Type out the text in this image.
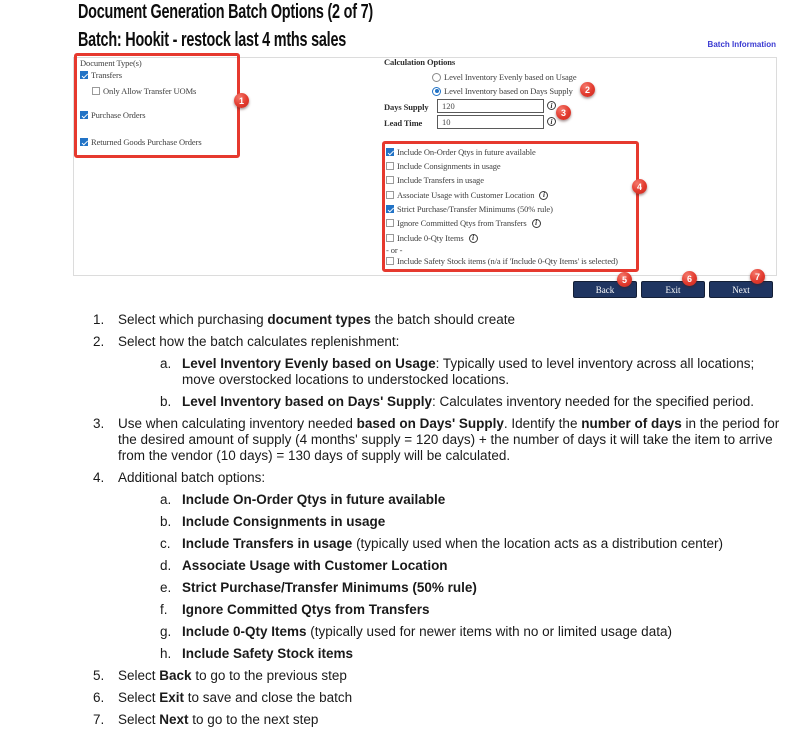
Document Generation Batch Options (2 of 7)
Batch: Hookit - restock last 4 mths sales	Batch Information
Document Type(s)
Transfers
Only Allow Transfer UOMs
Purchase Orders
Returned Goods Purchase Orders
Calculation Options
Level Inventory Evenly based on Usage
Level Inventory based on Days Supply
Days Supply 120	i
Lead Time 10	i
Include On-Order Qtys in future available
Include Consignments in usage
Include Transfers in usage
Associate Usage with Customer Location	i
Strict Purchase/Transfer Minimums (50% rule)
Ignore Committed Qtys from Transfers	i
Include 0-Qty Items	i
- or -
Include Safety Stock items (n/a if 'Include 0-Qty Items' is selected)
Back	Exit	Next
1
2
3
4
5	6	7
1.	Select which purchasing document types the batch should create
2.	Select how the batch calculates replenishment:
a. Level Inventory Evenly based on Usage: Typically used to level inventory across all locations; move overstocked locations to understocked locations.
b. Level Inventory based on Days' Supply: Calculates inventory needed for the specified period.
3.	Use when calculating inventory needed based on Days' Supply. Identify the number of days in the period for the desired amount of supply (4 months' supply = 120 days) + the number of days it will take the item to arrive from the vendor (10 days) = 130 days of supply will be calculated.
4.	Additional batch options:
a. Include On-Order Qtys in future available
b. Include Consignments in usage
c. Include Transfers in usage (typically used when the location acts as a distribution center)
d. Associate Usage with Customer Location
e. Strict Purchase/Transfer Minimums (50% rule)
f.	Ignore Committed Qtys from Transfers
g. Include 0-Qty Items (typically used for newer items with no or limited usage data)
h. Include Safety Stock items
5.	Select Back to go to the previous step
6.	Select Exit to save and close the batch
7.	Select Next to go to the next step
